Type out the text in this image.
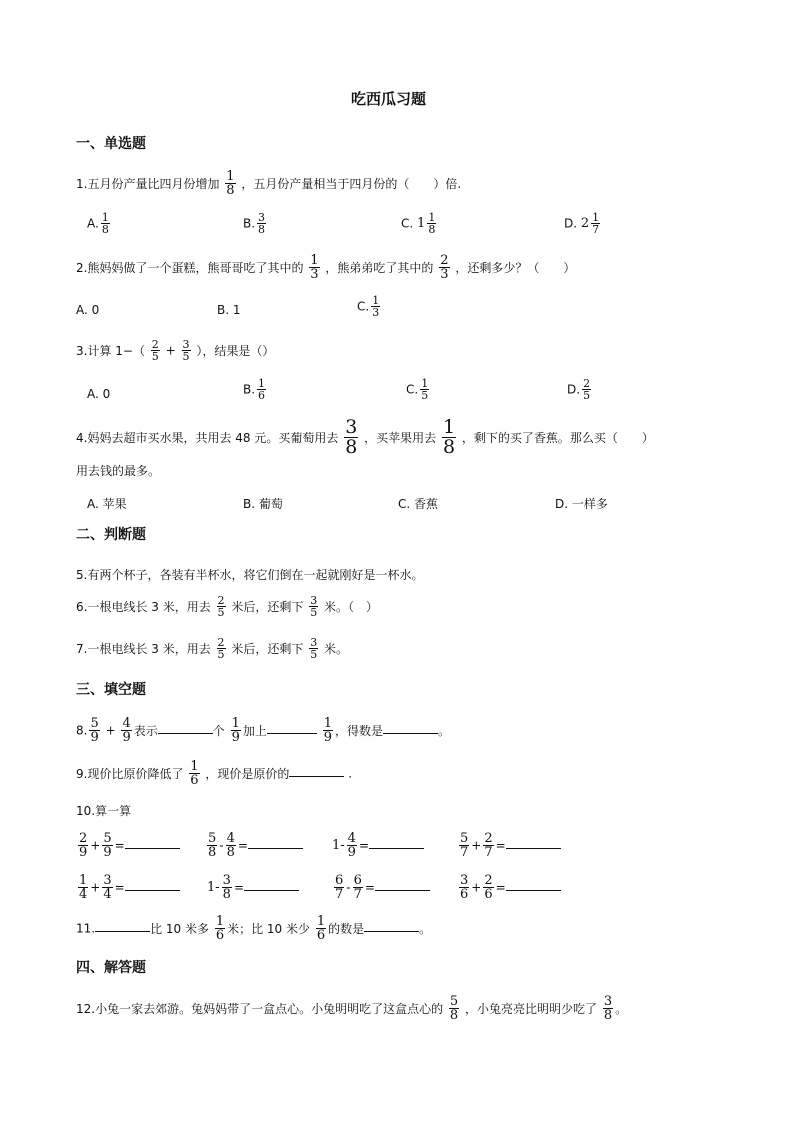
吃西瓜习题
一、单选题
1.五月份产量比四月份增加 $\frac{1}{8}$ ，五月份产量相当于四月份的（　　）倍.
A. $\frac{1}{8}$	B. $\frac{3}{8}$	C. $1 \frac{1}{8}$	D. $2 \frac{1}{7}$
2.熊妈妈做了一个蛋糕，熊哥哥吃了其中的 $\frac{1}{3}$ ，熊弟弟吃了其中的 $\frac{2}{3}$ ，还剩多少？（　　）
A. 0	B. 1	C. $\frac{1}{3}$
3.计算 $1-( \frac{2}{5} + \frac{3}{5}$ ），结果是（）
A. 0	B. $\frac{1}{6}$	C. $\frac{1}{5}$	D. $\frac{2}{5}$
4.妈妈去超市买水果，共用去 48 元。买葡萄用去 $\frac{3}{8}$ ，买苹果用去 $\frac{1}{8}$ ，剩下的买了香蕉。那么买（　　）
用去钱的最多。
A. 苹果	B. 葡萄	C. 香蕉	D. 一样多
二、判断题
5.有两个杯子，各装有半杯水，将它们倒在一起就刚好是一杯水。
6.一根电线长 3 米，用去 $\frac{2}{5}$ 米后，还剩下 $\frac{3}{5}$ 米。（　）
7.一根电线长 3 米，用去 $\frac{2}{5}$ 米后，还剩下 $\frac{3}{5}$ 米。
三、填空题
8. $\frac{5}{9} + \frac{4}{9}$ 表示	个 $\frac{1}{9}$ 加上	$\frac{1}{9}$ ，得数是	。
9.现价比原价降低了 $\frac{1}{6}$ ，现价是原价的	.
10.算一算
$\frac{2}{9} + \frac{5}{9}$ =	$\frac{5}{8} - \frac{4}{8}$ =	$1- \frac{4}{9}$ =	$\frac{5}{7} + \frac{2}{7}$ =
$\frac{1}{4} + \frac{3}{4}$ =	$1- \frac{3}{8}$ =	$\frac{6}{7} - \frac{6}{7}$ =	$\frac{3}{6} + \frac{2}{6}$ =
11.	比 10 米多 $\frac{1}{6}$ 米；比 10 米少 $\frac{1}{6}$ 的数是	。
四、解答题
12.小兔一家去郊游。兔妈妈带了一盒点心。小兔明明吃了这盒点心的 $\frac{5}{8}$ ，小兔亮亮比明明少吃了 $\frac{3}{8}$ 。
